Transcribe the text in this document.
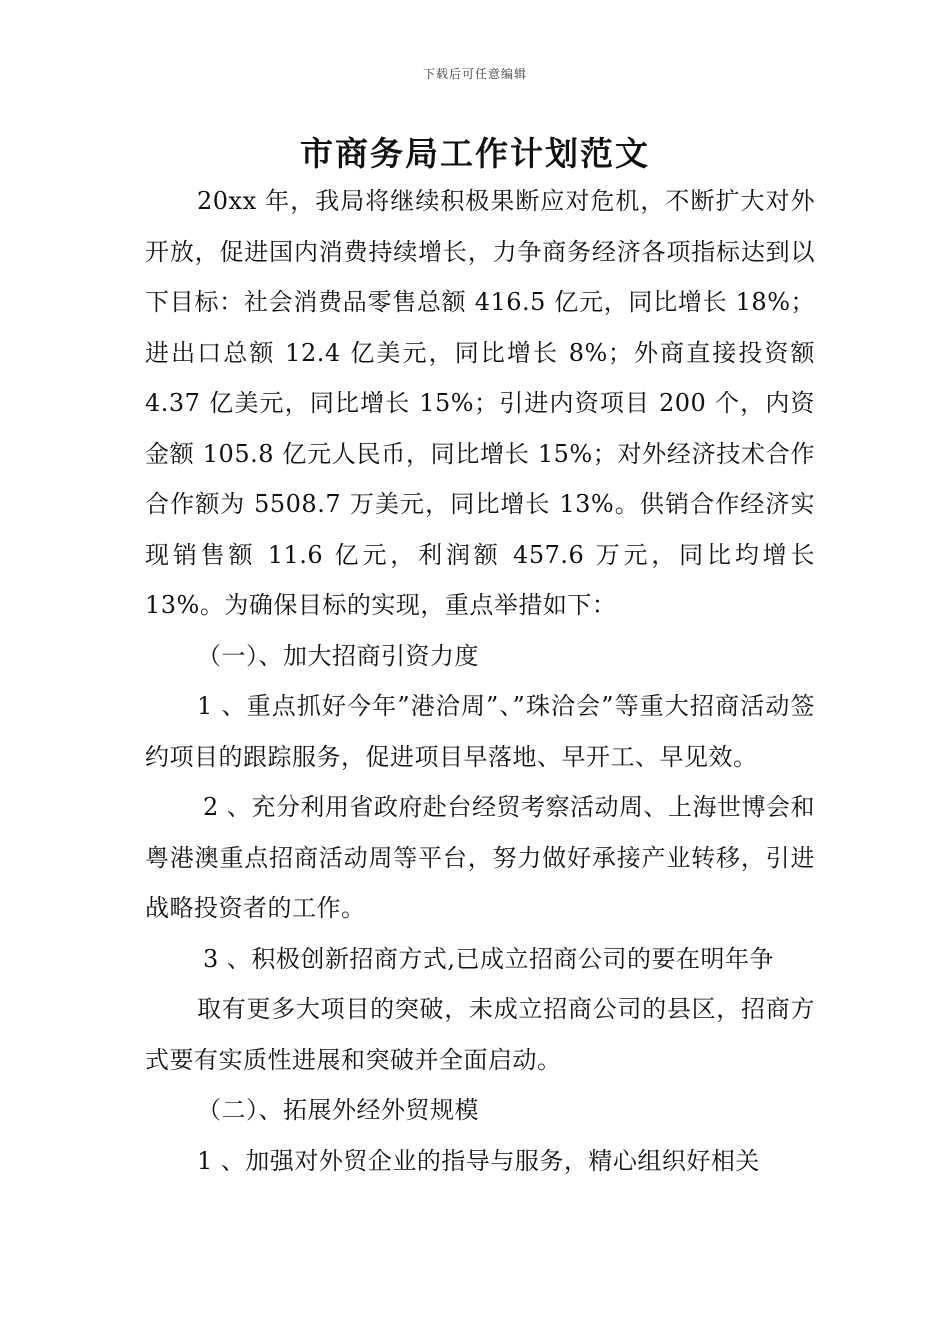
下载后可任意编辑
市商务局工作计划范文

20xx 年，我局将继续积极果断应对危机，不断扩大对外开放，促进国内消费持续增长，力争商务经济各项指标达到以下目标：社会消费品零售总额 416.5 亿元，同比增长 18%；进出口总额 12.4 亿美元，同比增长 8%；外商直接投资额 4.37 亿美元，同比增长 15%；引进内资项目 200 个，内资金额 105.8 亿元人民币，同比增长 15%；对外经济技术合作合作额为 5508.7 万美元，同比增长 13%。供销合作经济实现销售额 11.6 亿元，利润额 457.6 万元，同比均增长 13%。为确保目标的实现，重点举措如下：

（一）、加大招商引资力度

1 、重点抓好今年”港洽周”、”珠洽会”等重大招商活动签约项目的跟踪服务，促进项目早落地、早开工、早见效。

2 、充分利用省政府赴台经贸考察活动周、上海世博会和粤港澳重点招商活动周等平台，努力做好承接产业转移，引进战略投资者的工作。

3 、积极创新招商方式,已成立招商公司的要在明年争

取有更多大项目的突破，未成立招商公司的县区，招商方式要有实质性进展和突破并全面启动。

（二）、拓展外经外贸规模

1 、加强对外贸企业的指导与服务，精心组织好相关
